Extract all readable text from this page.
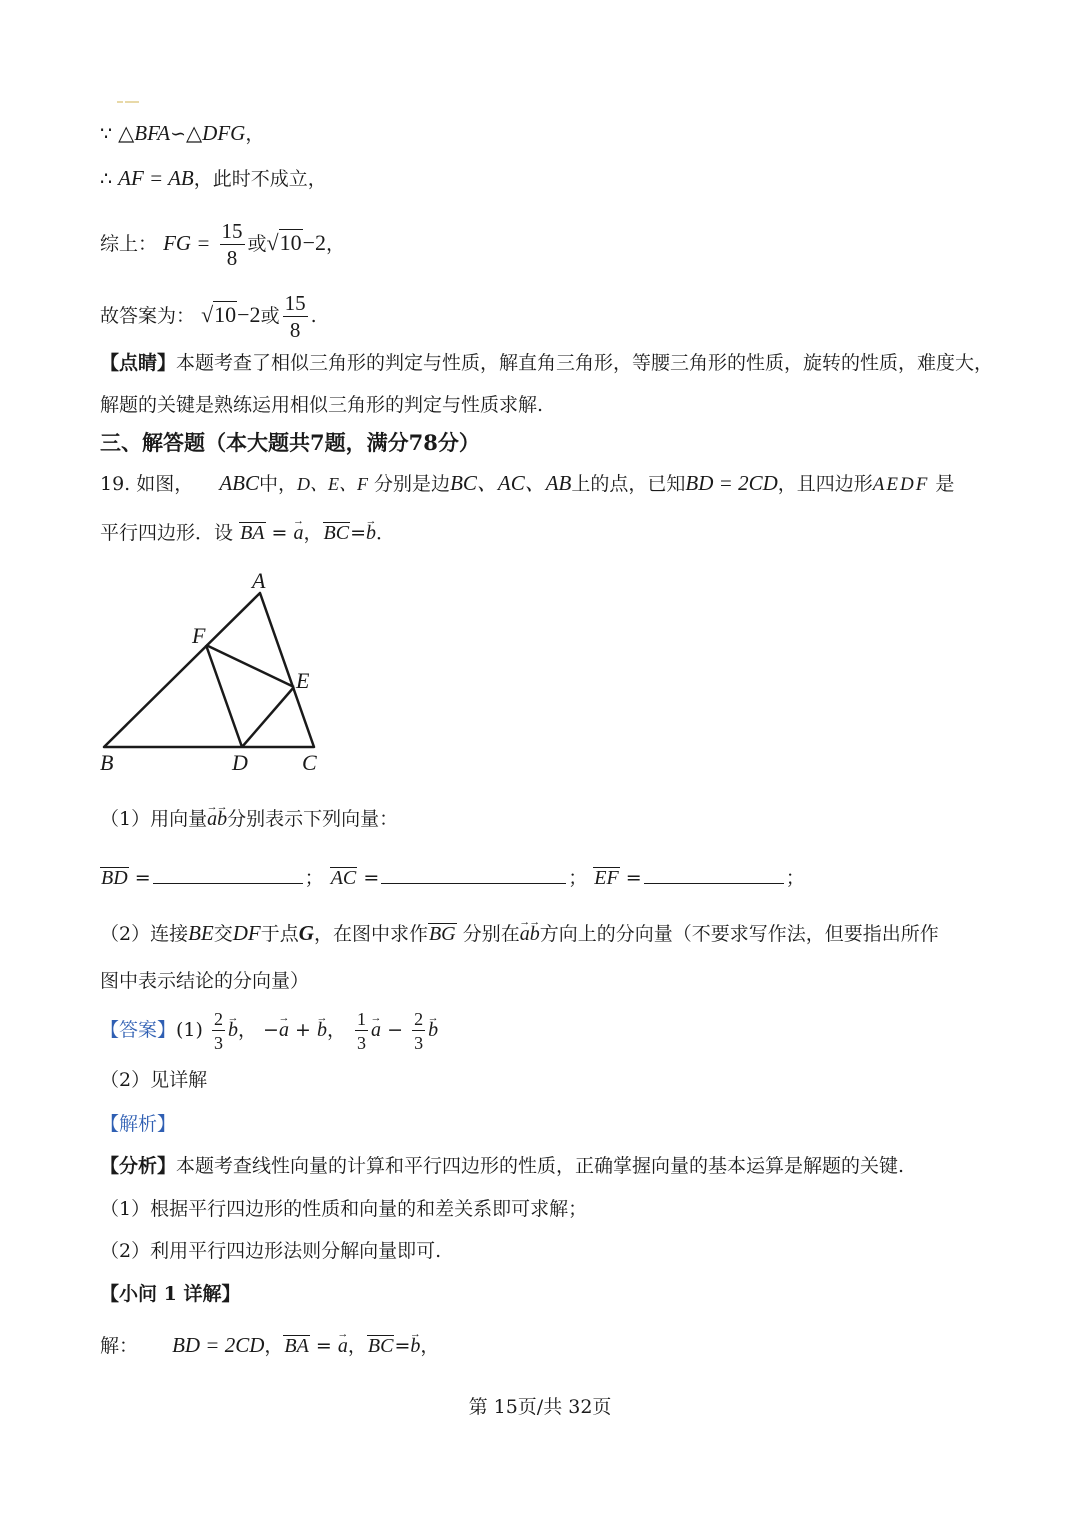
∵ △BFA∽△DFG，
∴ AF = AB，此时不成立，
综上： FG = $\frac{15}{8}$ 或√10−2，
故答案为： √10−2或 $\frac{15}{8}$ .
【点睛】本题考查了相似三角形的判定与性质，解直角三角形，等腰三角形的性质，旋转的性质，难度大，
解题的关键是熟练运用相似三角形的判定与性质求解.
三、解答题（本大题共7题，满分78分）
19. 如图， ABC中，D、E、F 分别是边BC、AC、AB上的点，已知BD = 2CD，且四边形AEDF 是
平行四边形．设 BA = → a，BC=→ b．
A
F
E
B	D C
（1）用向量→ a→ b分别表示下列向量：
BD =	； AC =	； EF =	；
（2）连接BE交DF于点G，在图中求作BG 分别在→ a→ b方向上的分向量（不要求写作法，但要指出所作
图中表示结论的分向量）
【答案】$(1) \frac{2}{3}$
→ b， −→ a + → b， $\frac{1}{3}$
→ $a - \frac{2}{3}$
→ b
（2）见详解
【解析】
【分析】本题考查线性向量的计算和平行四边形的性质，正确掌握向量的基本运算是解题的关键.
（1）根据平行四边形的性质和向量的和差关系即可求解；
（2）利用平行四边形法则分解向量即可.
【小问 1 详解】
解： BD = 2CD，BA = → a，BC=→ b，
第 15页/共 32页
